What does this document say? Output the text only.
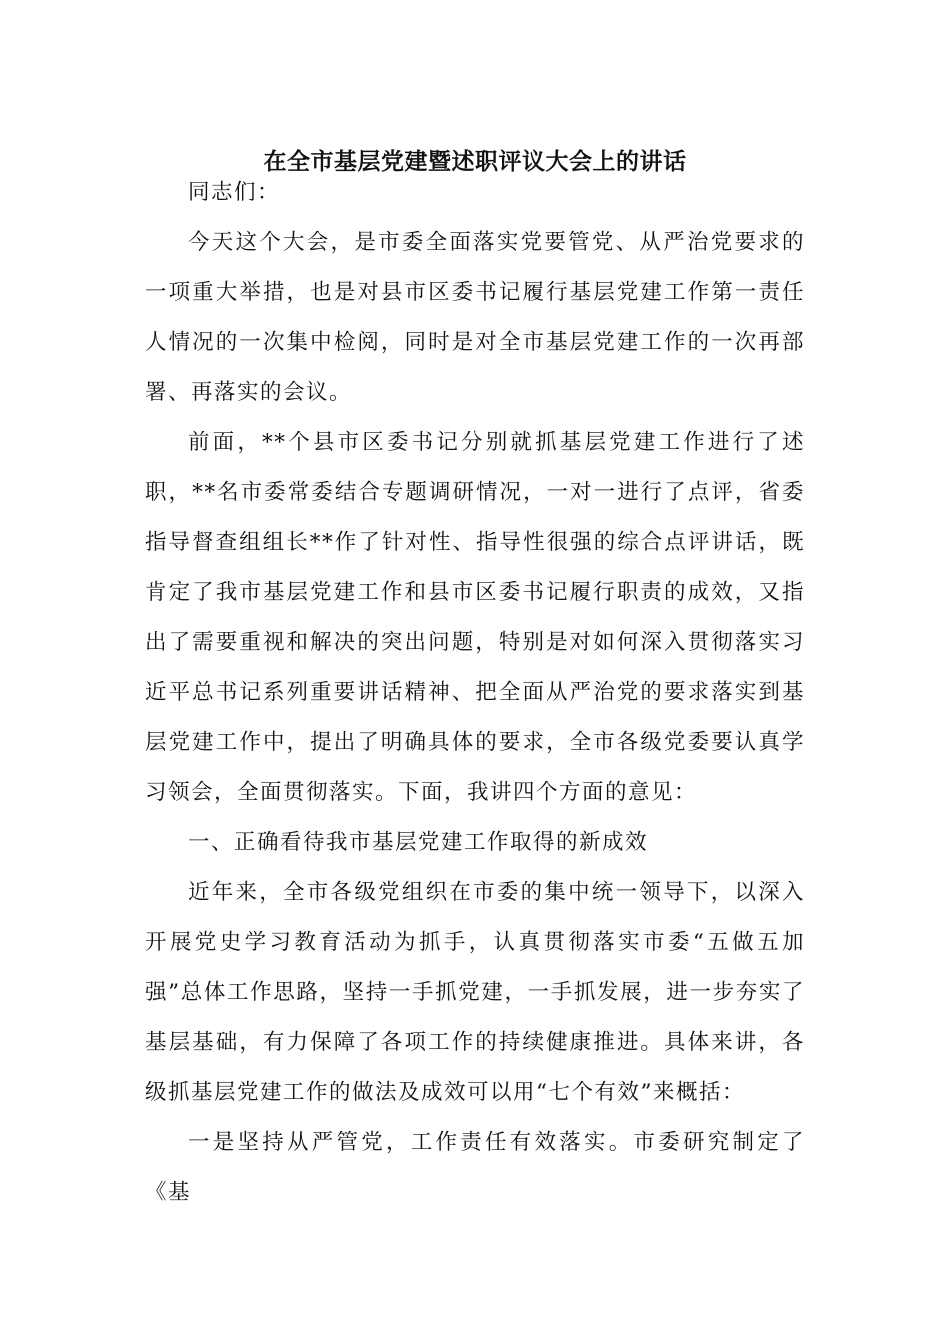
在全市基层党建暨述职评议大会上的讲话

同志们：

今天这个大会，是市委全面落实党要管党、从严治党要求的一项重大举措，也是对县市区委书记履行基层党建工作第一责任人情况的一次集中检阅，同时是对全市基层党建工作的一次再部署、再落实的会议。

前面，**个县市区委书记分别就抓基层党建工作进行了述职，**名市委常委结合专题调研情况，一对一进行了点评，省委指导督查组组长**作了针对性、指导性很强的综合点评讲话，既肯定了我市基层党建工作和县市区委书记履行职责的成效，又指出了需要重视和解决的突出问题，特别是对如何深入贯彻落实习近平总书记系列重要讲话精神、把全面从严治党的要求落实到基层党建工作中，提出了明确具体的要求，全市各级党委要认真学习领会，全面贯彻落实。下面，我讲四个方面的意见：

一、正确看待我市基层党建工作取得的新成效

近年来，全市各级党组织在市委的集中统一领导下，以深入开展党史学习教育活动为抓手，认真贯彻落实市委“五做五加强”总体工作思路，坚持一手抓党建，一手抓发展，进一步夯实了基层基础，有力保障了各项工作的持续健康推进。具体来讲，各级抓基层党建工作的做法及成效可以用“七个有效”来概括：

一是坚持从严管党，工作责任有效落实。市委研究制定了《基
